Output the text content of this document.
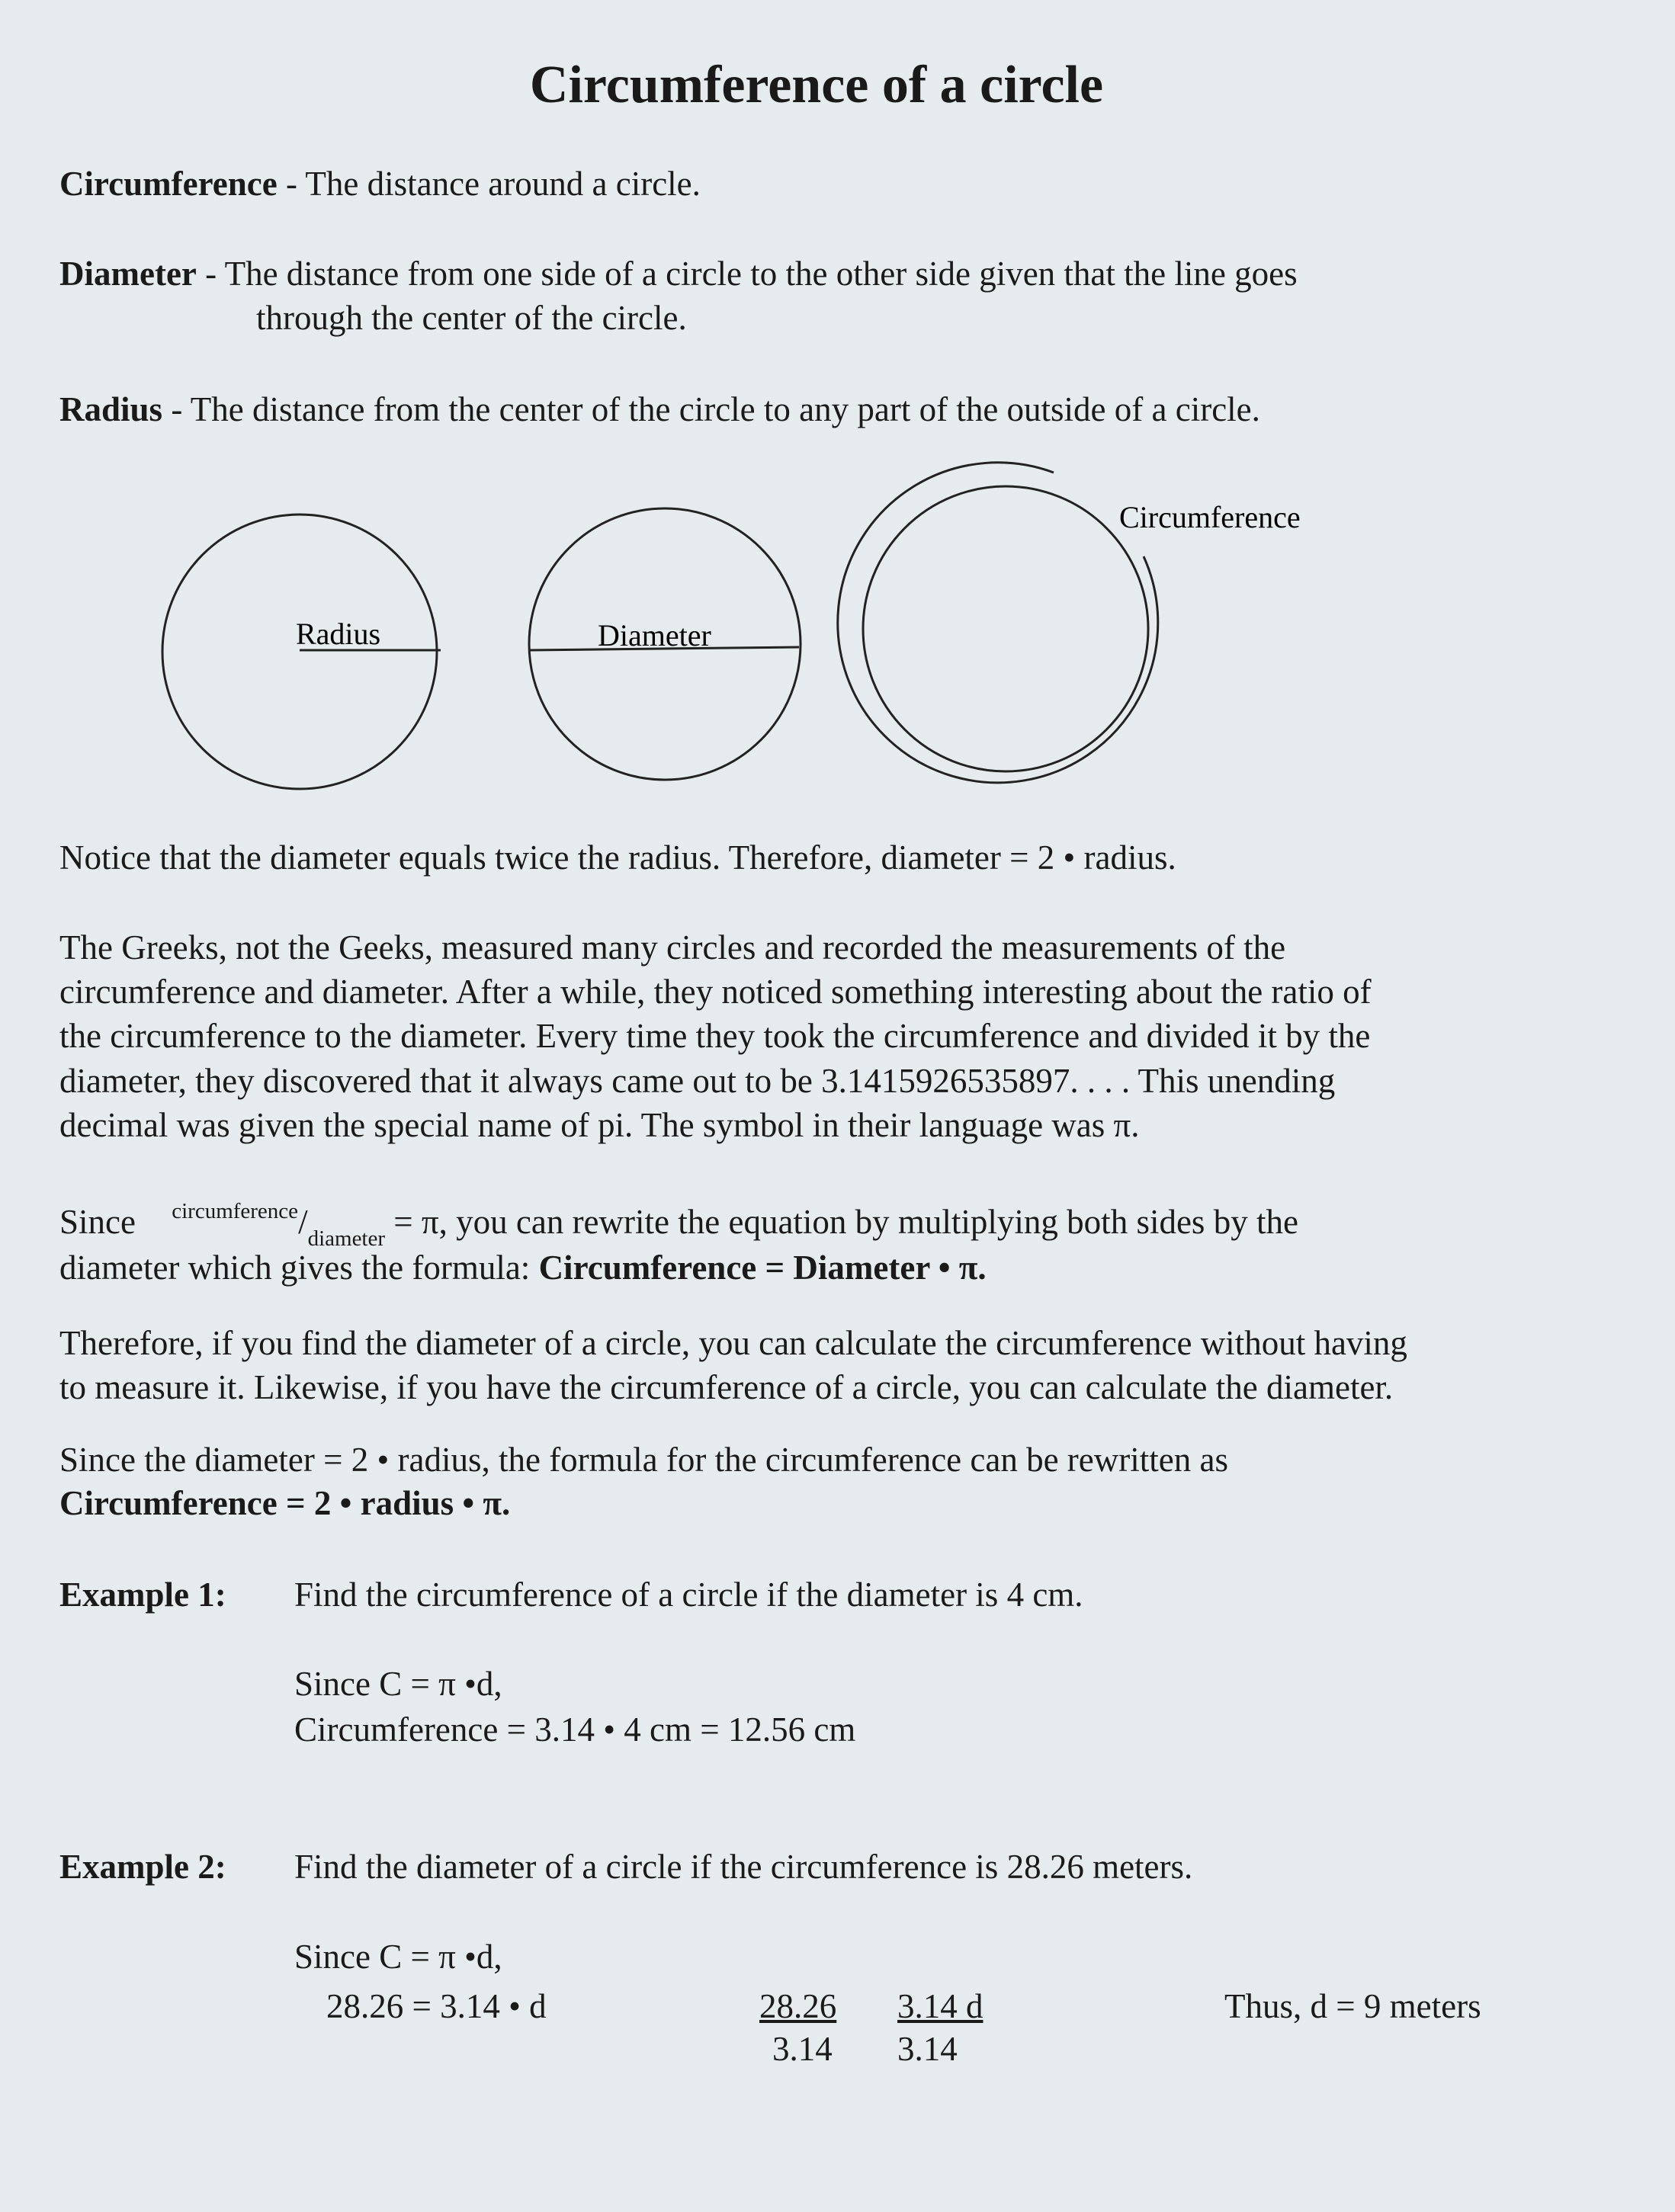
Circumference of a circle
Circumference - The distance around a circle.
Diameter - The distance from one side of a circle to the other side given that the line goes
through the center of the circle.
Radius - The distance from the center of the circle to any part of the outside of a circle.
Radius	Diameter
Circumference
Notice that the diameter equals twice the radius. Therefore, diameter = 2 • radius.
The Greeks, not the Geeks, measured many circles and recorded the measurements of the
circumference and diameter. After a while, they noticed something interesting about the ratio of
the circumference to the diameter. Every time they took the circumference and divided it by the
diameter, they discovered that it always came out to be 3.1415926535897. . . . This unending
decimal was given the special name of pi. The symbol in their language was π.
Since $^{circumference}/_{diameter} = \pi$, you can rewrite the equation by multiplying both sides by the
diameter which gives the formula: Circumference = Diameter • π.
Therefore, if you find the diameter of a circle, you can calculate the circumference without having
to measure it. Likewise, if you have the circumference of a circle, you can calculate the diameter.
Since the diameter = 2 • radius, the formula for the circumference can be rewritten as
Circumference = 2 • radius • π.
Example 1: Find the circumference of a circle if the diameter is 4 cm.
Since C = π •d,
Circumference = 3.14 • 4 cm = 12.56 cm
Example 2: Find the diameter of a circle if the circumference is 28.26 meters.
Since C = π •d,
28.26 = 3.14 • d	28.26
3.14
3.14 d
3.14
Thus, d = 9 meters
